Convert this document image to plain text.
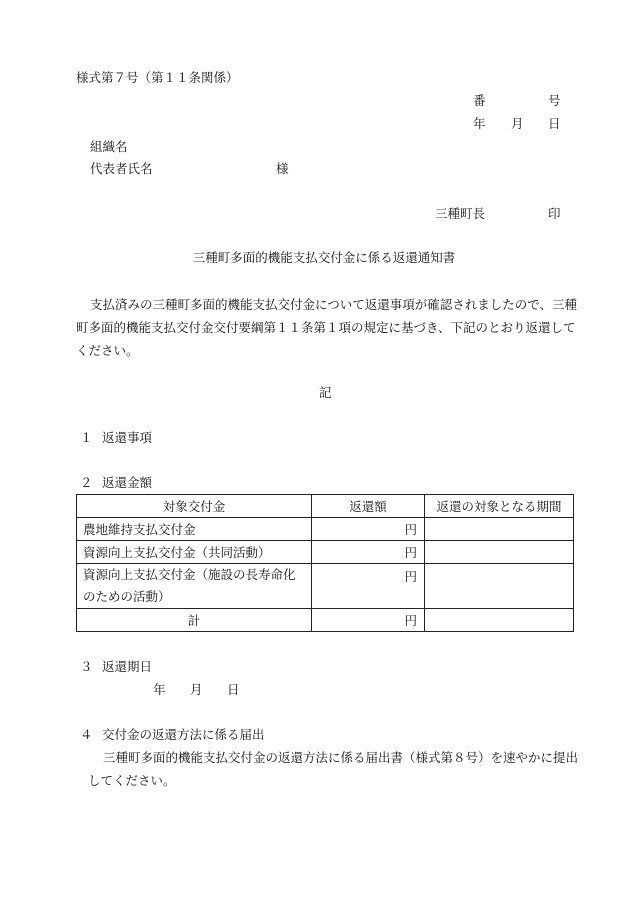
様式第７号（第１１条関係）
番	号
年 月 日
組織名
代表者氏名	様
三種町長	印
三種町多面的機能支払交付金に係る返還通知書
支払済みの三種町多面的機能支払交付金について返還事項が確認されましたので、三種
町多面的機能支払交付金交付要綱第１１条第１項の規定に基づき、下記のとおり返還して
ください。
記
１ 返還事項
２ 返還金額
対象交付金	返還額	返還の対象となる期間
農地維持支払交付金	円	
資源向上支払交付金（共同活動）	円	

資源向上支払交付金（施設の長寿命化
のための活動）	円	
計	円	
３ 返還期日
年 月 日
４ 交付金の返還方法に係る届出
三種町多面的機能支払交付金の返還方法に係る届出書（様式第８号）を速やかに提出
してください。
